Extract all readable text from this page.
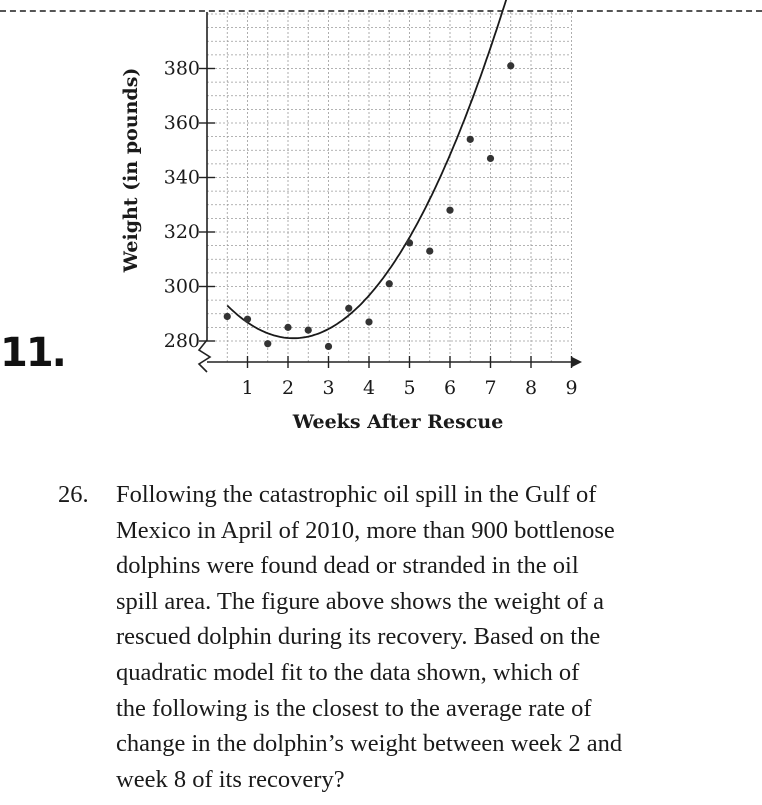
280
300
320
340
360
380
1 2 3 4 5 6 7 8 9
Weeks After Rescue
Weight (in pounds)
11.
26.	Following the catastrophic oil spill in the Gulf of
Mexico in April of 2010, more than 900 bottlenose
dolphins were found dead or stranded in the oil
spill area. The figure above shows the weight of a
rescued dolphin during its recovery. Based on the
quadratic model fit to the data shown, which of
the following is the closest to the average rate of
change in the dolphin’s weight between week 2 and
week 8 of its recovery?
